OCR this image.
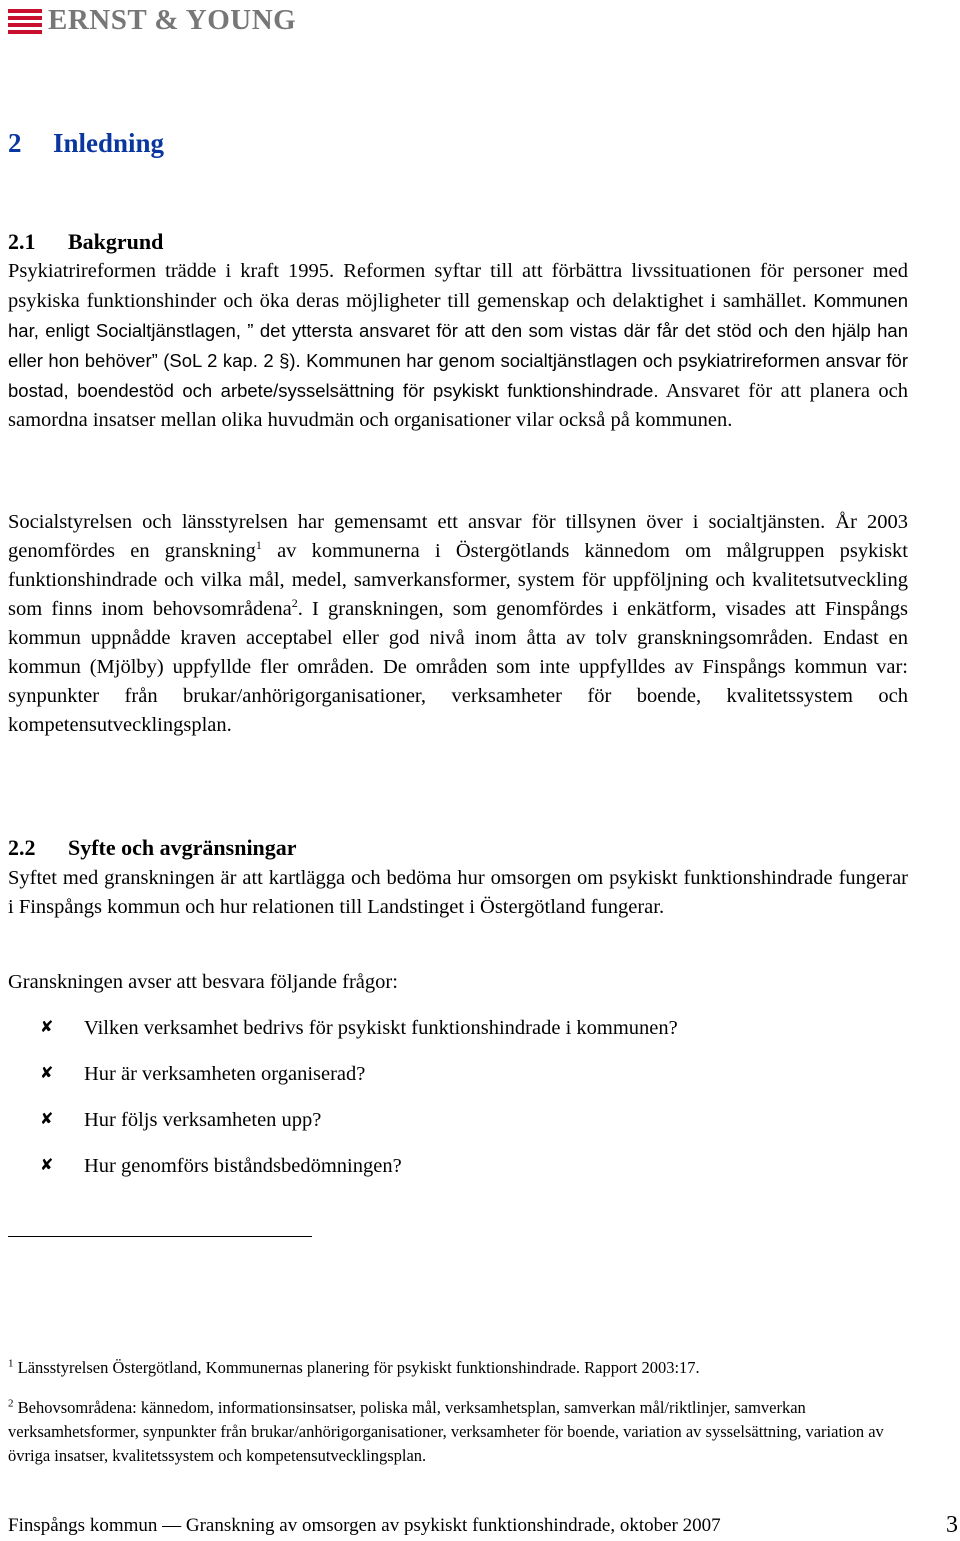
ERNST & YOUNG
2 Inledning
2.1 Bakgrund
Psykiatrireformen trädde i kraft 1995. Reformen syftar till att förbättra livssituationen för personer med psykiska funktionshinder och öka deras möjligheter till gemenskap och delaktighet i samhället. Kommunen har, enligt Socialtjänstlagen, ” det yttersta ansvaret för att den som vistas där får det stöd och den hjälp han eller hon behöver” (SoL 2 kap. 2 §). Kommunen har genom socialtjänstlagen och psykiatrireformen ansvar för bostad, boendestöd och arbete/sysselsättning för psykiskt funktionshindrade. Ansvaret för att planera och samordna insatser mellan olika huvudmän och organisationer vilar också på kommunen.
Socialstyrelsen och länsstyrelsen har gemensamt ett ansvar för tillsynen över i socialtjänsten. År 2003 genomfördes en granskning$^1$ av kommunerna i Östergötlands kännedom om målgruppen psykiskt funktionshindrade och vilka mål, medel, samverkansformer, system för uppföljning och kvalitetsutveckling som finns inom behovsområdena$^2$. I granskningen, som genomfördes i enkätform, visades att Finspångs kommun uppnådde kraven acceptabel eller god nivå inom åtta av tolv granskningsområden. Endast en kommun (Mjölby) uppfyllde fler områden. De områden som inte uppfylldes av Finspångs kommun var: synpunkter från brukar/anhörigorganisationer, verksamheter för boende, kvalitetssystem och kompetensutvecklingsplan.
2.2 Syfte och avgränsningar
Syftet med granskningen är att kartlägga och bedöma hur omsorgen om psykiskt funktionshindrade fungerar i Finspångs kommun och hur relationen till Landstinget i Östergötland fungerar.
Granskningen avser att besvara följande frågor:
✘	Vilken verksamhet bedrivs för psykiskt funktionshindrade i kommunen?
✘	Hur är verksamheten organiserad?
✘	Hur följs verksamheten upp?
✘	Hur genomförs biståndsbedömningen?
$^1$ Länsstyrelsen Östergötland, Kommunernas planering för psykiskt funktionshindrade. Rapport 2003:17.
$^2$ Behovsområdena: kännedom, informationsinsatser, poliska mål, verksamhetsplan, samverkan mål/riktlinjer, samverkan verksamhetsformer, synpunkter från brukar/anhörigorganisationer, verksamheter för boende, variation av sysselsättning, variation av övriga insatser, kvalitetssystem och kompetensutvecklingsplan.
Finspångs kommun — Granskning av omsorgen av psykiskt funktionshindrade, oktober 2007	3
